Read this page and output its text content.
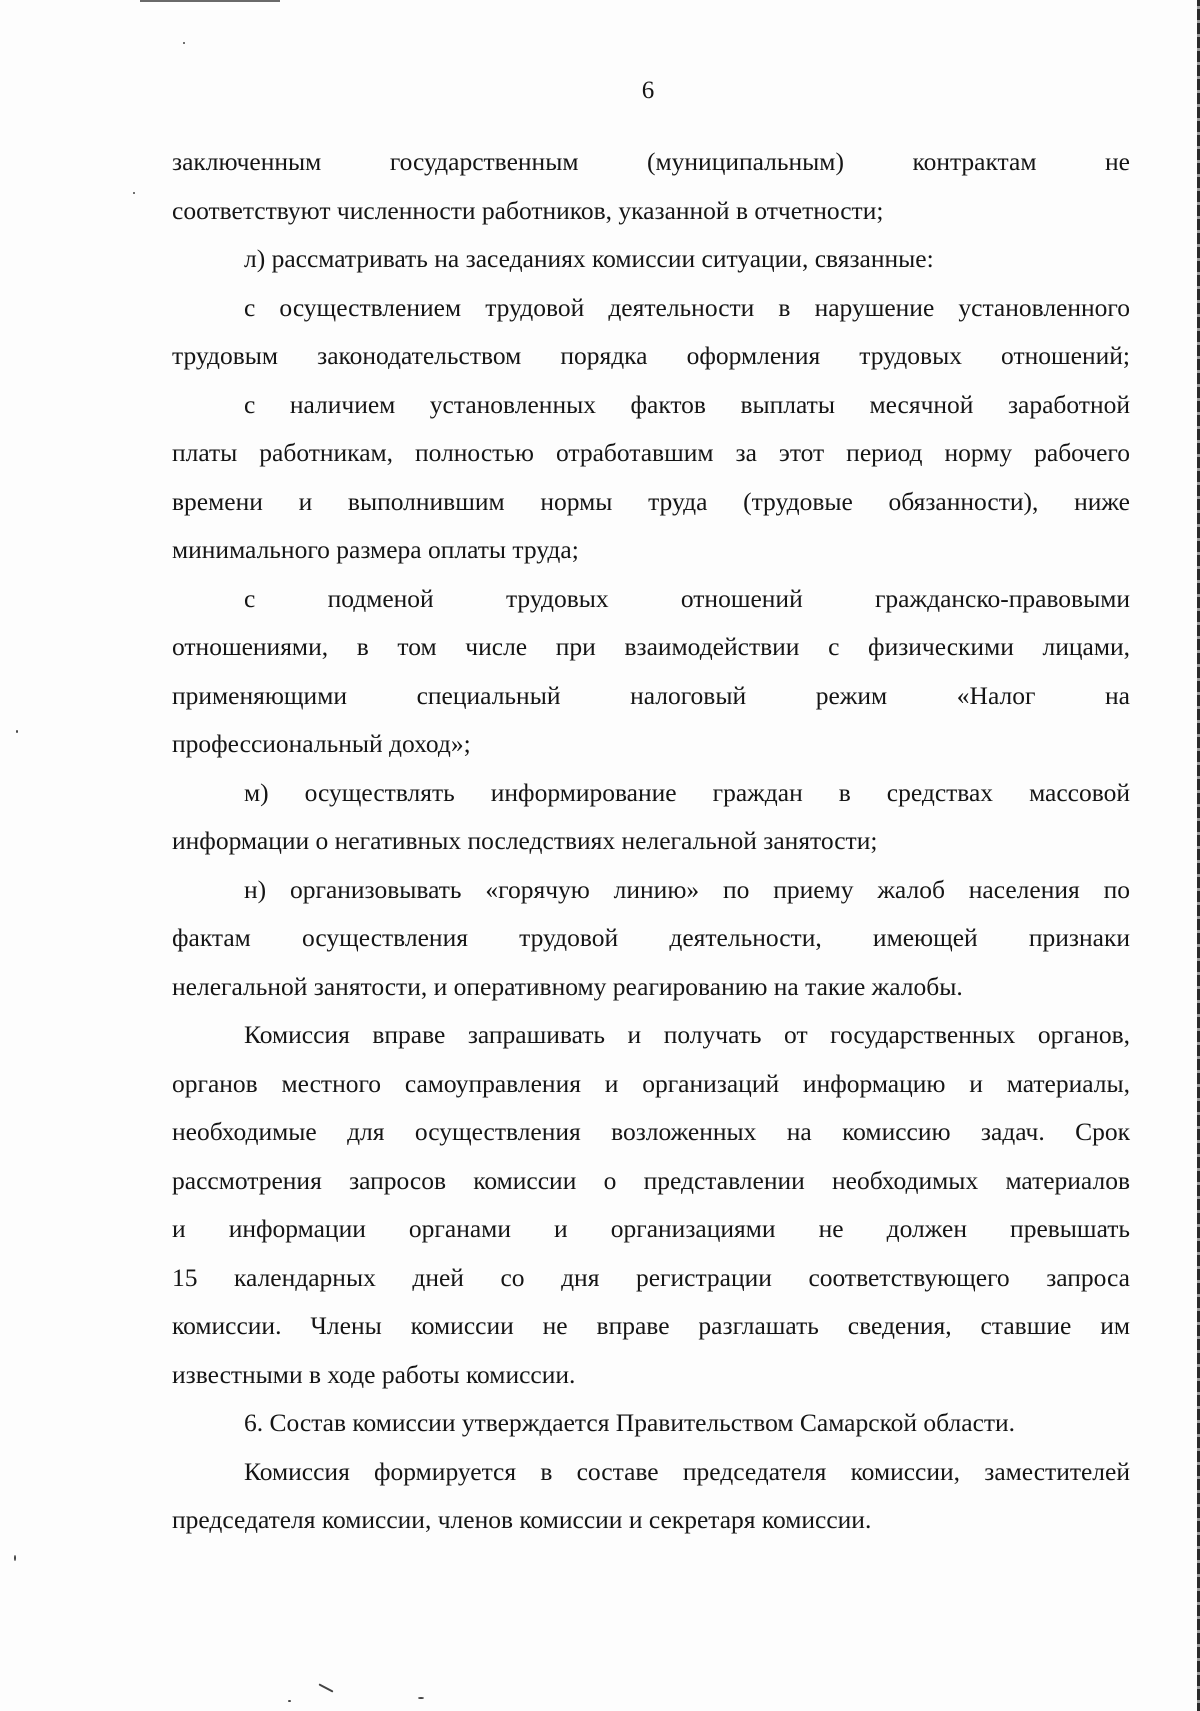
6
заключенным государственным (муниципальным) контрактам не
соответствуют численности работников, указанной в отчетности;
л) рассматривать на заседаниях комиссии ситуации, связанные:
с осуществлением трудовой деятельности в нарушение установленного
трудовым законодательством порядка оформления трудовых отношений;
с наличием установленных фактов выплаты месячной заработной
платы работникам, полностью отработавшим за этот период норму рабочего
времени и выполнившим нормы труда (трудовые обязанности), ниже
минимального размера оплаты труда;
с подменой трудовых отношений гражданско-правовыми
отношениями, в том числе при взаимодействии с физическими лицами,
применяющими специальный налоговый режим «Налог на
профессиональный доход»;
м) осуществлять информирование граждан в средствах массовой
информации о негативных последствиях нелегальной занятости;
н) организовывать «горячую линию» по приему жалоб населения по
фактам осуществления трудовой деятельности, имеющей признаки
нелегальной занятости, и оперативному реагированию на такие жалобы.
Комиссия вправе запрашивать и получать от государственных органов,
органов местного самоуправления и организаций информацию и материалы,
необходимые для осуществления возложенных на комиссию задач. Срок
рассмотрения запросов комиссии о представлении необходимых материалов
и информации органами и организациями не должен превышать
15 календарных дней со дня регистрации соответствующего запроса
комиссии. Члены комиссии не вправе разглашать сведения, ставшие им
известными в ходе работы комиссии.
6. Состав комиссии утверждается Правительством Самарской области.
Комиссия формируется в составе председателя комиссии, заместителей
председателя комиссии, членов комиссии и секретаря комиссии.
